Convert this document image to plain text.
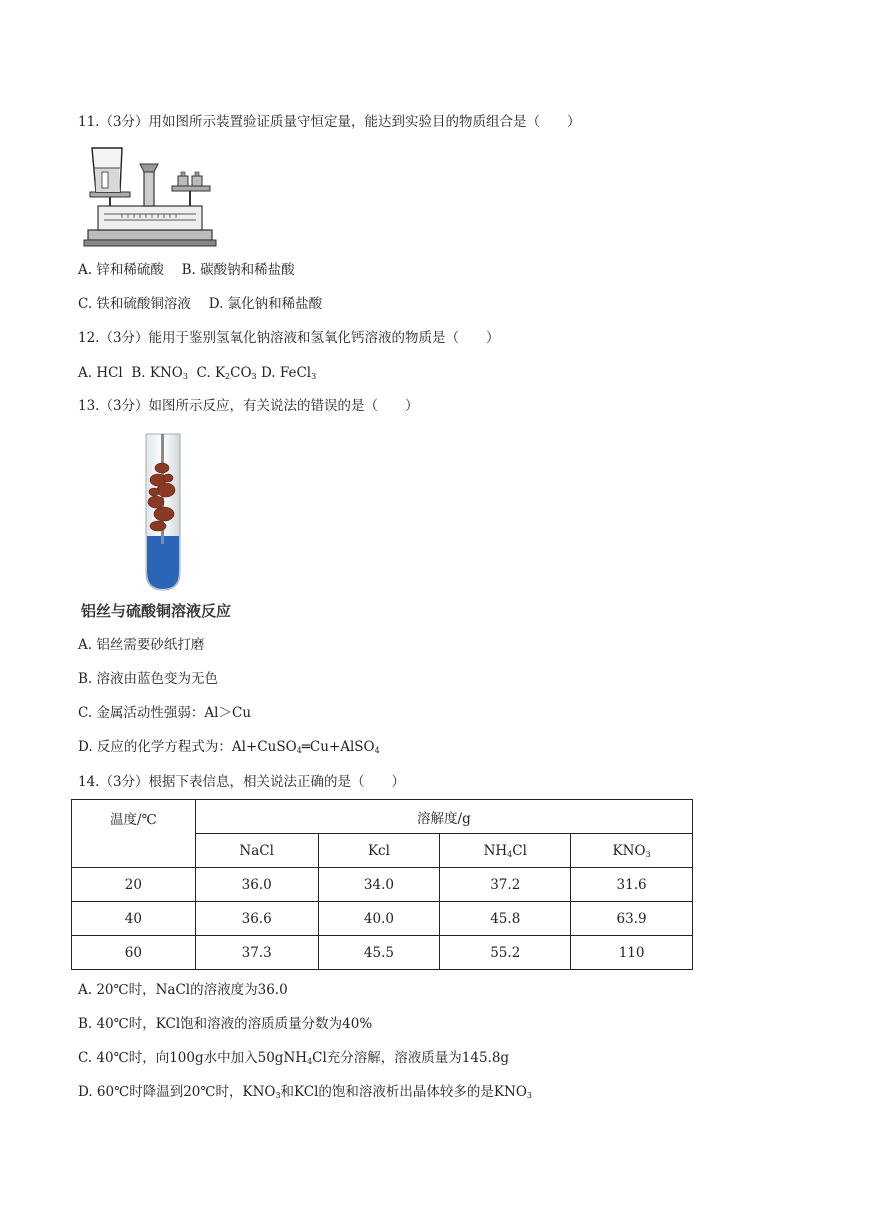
11.（3分）用如图所示装置验证质量守恒定量，能达到实验目的物质组合是（　　）
A. 锌和稀硫酸　 B. 碳酸钠和稀盐酸
C. 铁和硫酸铜溶液　 D. 氯化钠和稀盐酸
12.（3分）能用于鉴别氢氧化钠溶液和氢氧化钙溶液的物质是（　　）
A. HCl B. $KNO_3$ C. $K_2CO_3$ D. FeCl$_3$
13.（3分）如图所示反应，有关说法的错误的是（　　）
铝丝与硫酸铜溶液反应
A. 铝丝需要砂纸打磨
B. 溶液由蓝色变为无色
C. 金属活动性强弱：Al＞Cu
D. 反应的化学方程式为：Al+CuSO$_4$═Cu+AlSO$_4$
14.（3分）根据下表信息，相关说法正确的是（　　）
温度/℃	溶解度/g			
	NaCl	Kcl	$NH_4Cl$	$KNO_3$
20	36.0	34.0	37.2	31.6
40	36.6	40.0	45.8	63.9
60	37.3	45.5	55.2	110
A. 20℃时，NaCl的溶液度为36.0
B. 40℃时，KCl饱和溶液的溶质质量分数为40%
C. 40℃时，向100g水中加入50gNH$_4$Cl充分溶解，溶液质量为145.8g
D. 60℃时降温到20℃时，$KNO_3$和KCl的饱和溶液析出晶体较多的是$KNO_3$
